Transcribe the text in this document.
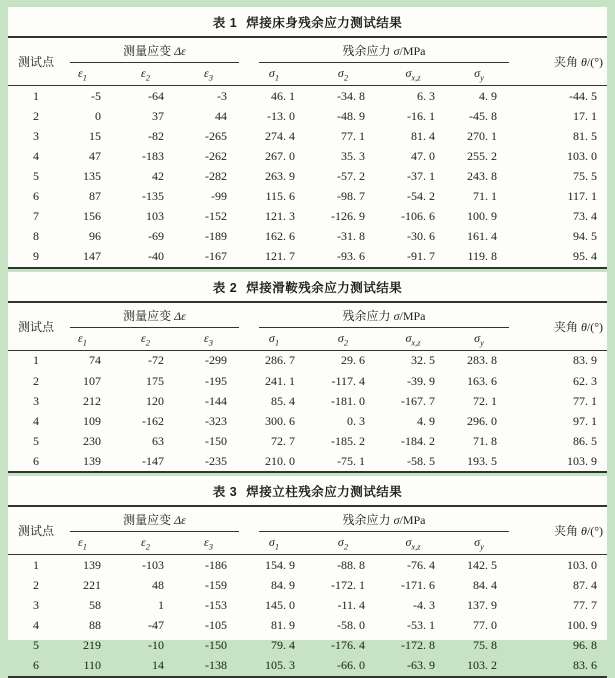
表 1 焊接床身残余应力测试结果
测试点	测量应变 Δε			残余应力 σ/MPa				夹角 θ/(°)
	$\varepsilon_1$	$\varepsilon_2$	$\varepsilon_3$	$\sigma_1$	$\sigma_2$	$\sigma_{x,z}$	$\sigma_y$
1	-5	-64	-3	46. 1	-34. 8	6. 3	4. 9	-44. 5
2	0	37	44	-13. 0	-48. 9	-16. 1	-45. 8	17. 1
3	15	-82	-265	274. 4	77. 1	81. 4	270. 1	81. 5
4	47	-183	-262	267. 0	35. 3	47. 0	255. 2	103. 0
5	135	42	-282	263. 9	-57. 2	-37. 1	243. 8	75. 5
6	87	-135	-99	115. 6	-98. 7	-54. 2	71. 1	117. 1
7	156	103	-152	121. 3	-126. 9	-106. 6	100. 9	73. 4
8	96	-69	-189	162. 6	-31. 8	-30. 6	161. 4	94. 5
9	147	-40	-167	121. 7	-93. 6	-91. 7	119. 8	95. 4
表 2 焊接滑鞍残余应力测试结果
测试点	测量应变 Δε			残余应力 σ/MPa				夹角 θ/(°)
	$\varepsilon_1$	$\varepsilon_2$	$\varepsilon_3$	$\sigma_1$	$\sigma_2$	$\sigma_{x,z}$	$\sigma_y$
1	74	-72	-299	286. 7	29. 6	32. 5	283. 8	83. 9
2	107	175	-195	241. 1	-117. 4	-39. 9	163. 6	62. 3
3	212	120	-144	85. 4	-181. 0	-167. 7	72. 1	77. 1
4	109	-162	-323	300. 6	0. 3	4. 9	296. 0	97. 1
5	230	63	-150	72. 7	-185. 2	-184. 2	71. 8	86. 5
6	139	-147	-235	210. 0	-75. 1	-58. 5	193. 5	103. 9
表 3 焊接立柱残余应力测试结果
测试点	测量应变 Δε			残余应力 σ/MPa				夹角 θ/(°)
	$\varepsilon_1$	$\varepsilon_2$	$\varepsilon_3$	$\sigma_1$	$\sigma_2$	$\sigma_{x,z}$	$\sigma_y$
1	139	-103	-186	154. 9	-88. 8	-76. 4	142. 5	103. 0
2	221	48	-159	84. 9	-172. 1	-171. 6	84. 4	87. 4
3	58	1	-153	145. 0	-11. 4	-4. 3	137. 9	77. 7
4	88	-47	-105	81. 9	-58. 0	-53. 1	77. 0	100. 9
5	219	-10	-150	79. 4	-176. 4	-172. 8	75. 8	96. 8
6	110	14	-138	105. 3	-66. 0	-63. 9	103. 2	83. 6
